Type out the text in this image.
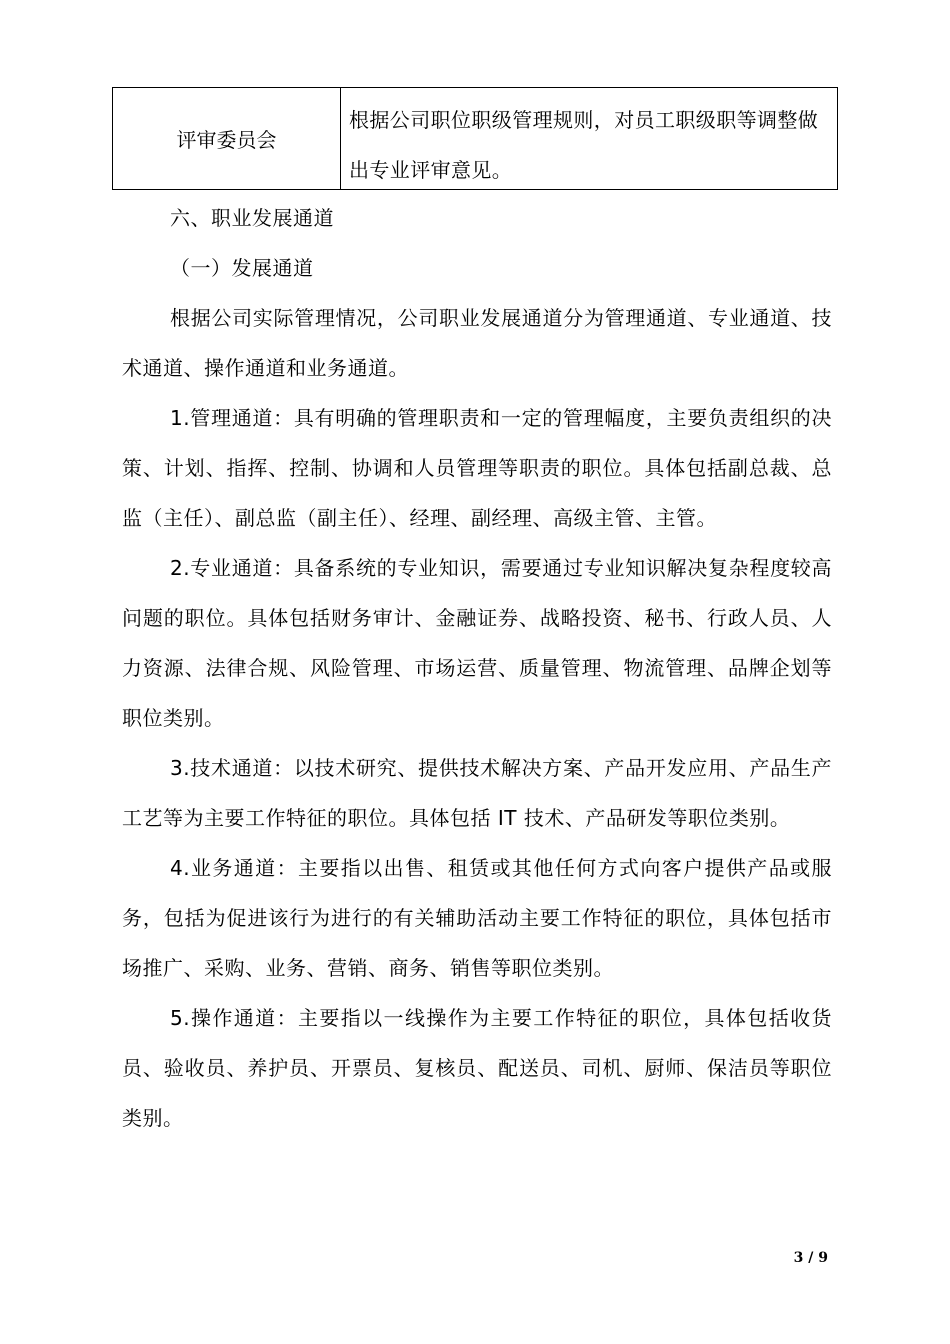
评审委员会
根据公司职位职级管理规则，对员工职级职等调整做出专业评审意见。

六、职业发展通道

（一）发展通道

根据公司实际管理情况，公司职业发展通道分为管理通道、专业通道、技术通道、操作通道和业务通道。

1.管理通道：具有明确的管理职责和一定的管理幅度，主要负责组织的决策、计划、指挥、控制、协调和人员管理等职责的职位。具体包括副总裁、总监（主任）、副总监（副主任）、经理、副经理、高级主管、主管。

2.专业通道：具备系统的专业知识，需要通过专业知识解决复杂程度较高问题的职位。具体包括财务审计、金融证券、战略投资、秘书、行政人员、人力资源、法律合规、风险管理、市场运营、质量管理、物流管理、品牌企划等职位类别。

3.技术通道：以技术研究、提供技术解决方案、产品开发应用、产品生产工艺等为主要工作特征的职位。具体包括 IT 技术、产品研发等职位类别。

4.业务通道：主要指以出售、租赁或其他任何方式向客户提供产品或服务，包括为促进该行为进行的有关辅助活动主要工作特征的职位，具体包括市场推广、采购、业务、营销、商务、销售等职位类别。

5.操作通道：主要指以一线操作为主要工作特征的职位，具体包括收货员、验收员、养护员、开票员、复核员、配送员、司机、厨师、保洁员等职位类别。

3 / 9
